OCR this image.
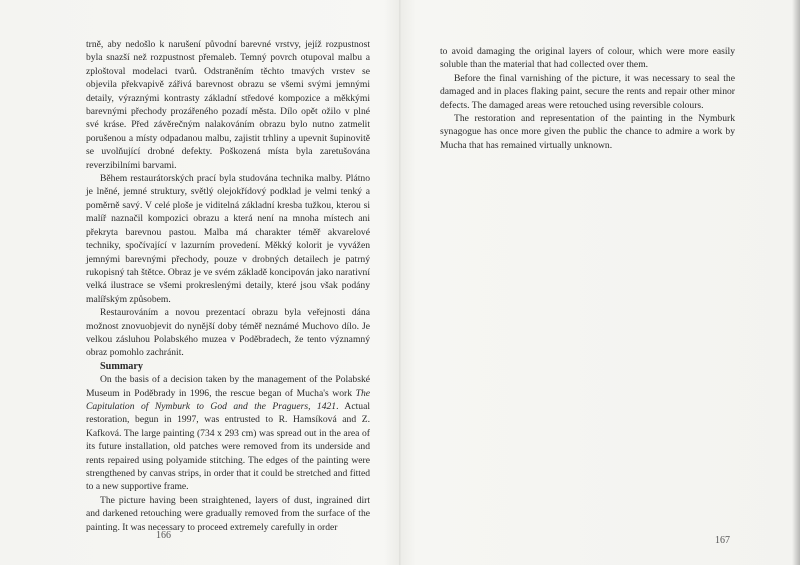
trně, aby nedošlo k narušení původní barevné vrstvy, jejíž rozpustnost byla snazší než rozpustnost přemaleb. Temný povrch otupoval malbu a zploštoval modelaci tvarů. Odstraněním těchto tmavých vrstev se objevila překvapivě zářivá barevnost obrazu se všemi svými jemnými detaily, výraznými kontrasty základní středové kompozice a měkkými barevnými přechody prozářeného pozadí města. Dílo opět ožilo v plné své kráse. Před závěrečným nalakováním obrazu bylo nutno zatmelit porušenou a místy odpadanou malbu, zajistit trhliny a upevnit šupinovitě se uvolňující drobné defekty. Poškozená místa byla zaretušována reverzibilními barvami.

Během restaurátorských prací byla studována technika malby. Plátno je lněné, jemné struktury, světlý olejokřídový podklad je velmi tenký a poměrně savý. V celé ploše je viditelná základní kresba tužkou, kterou si malíř naznačil kompozici obrazu a která není na mnoha místech ani překryta barevnou pastou. Malba má charakter téměř akvarelové techniky, spočívající v lazurním provedení. Měkký kolorit je vyvážen jemnými barevnými přechody, pouze v drobných detailech je patrný rukopisný tah štětce. Obraz je ve svém základě koncipován jako narativní velká ilustrace se všemi prokreslenými detaily, které jsou však podány malířským způsobem.

Restaurováním a novou prezentací obrazu byla veřejnosti dána možnost znovuobjevit do nynější doby téměř neznámé Muchovo dílo. Je velkou zásluhou Polabského muzea v Poděbradech, že tento významný obraz pomohlo zachránit.

Summary

On the basis of a decision taken by the management of the Polabské Museum in Poděbrady in 1996, the rescue began of Mucha's work The Capitulation of Nymburk to God and the Praguers, 1421. Actual restoration, begun in 1997, was entrusted to R. Hamsíková and Z. Kafková. The large painting (734 x 293 cm) was spread out in the area of its future installation, old patches were removed from its underside and rents repaired using polyamide stitching. The edges of the painting were strengthened by canvas strips, in order that it could be stretched and fitted to a new supportive frame.

The picture having been straightened, layers of dust, ingrained dirt and darkened retouching were gradually removed from the surface of the painting. It was necessary to proceed extremely carefully in order

to avoid damaging the original layers of colour, which were more easily soluble than the material that had collected over them.

Before the final varnishing of the picture, it was necessary to seal the damaged and in places flaking paint, secure the rents and repair other minor defects. The damaged areas were retouched using reversible colours.

The restoration and representation of the painting in the Nymburk synagogue has once more given the public the chance to admire a work by Mucha that has remained virtually unknown.

166	167
